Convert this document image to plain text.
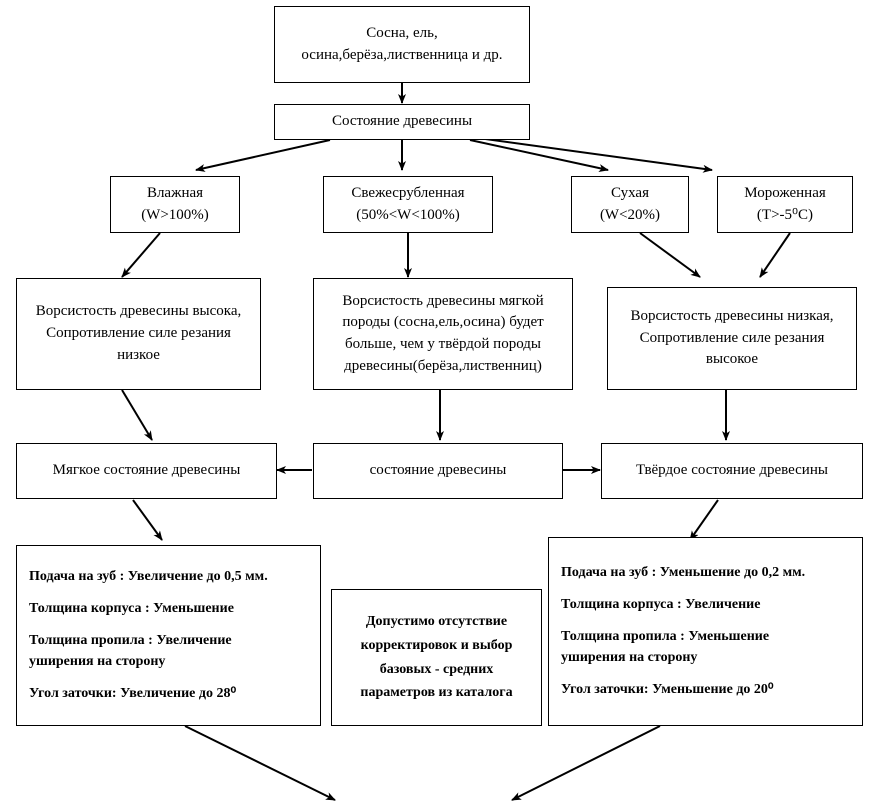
Сосна, ель,
осина,берёза,лиственница и др.
Состояние древесины
Влажная
(W>100%)
Свежесрубленная
(50%<W<100%)
Сухая
(W<20%)
Мороженная
(T>-5⁰C)
Ворсистость древесины высока,
Сопротивление силе резания
низкое
Ворсистость древесины мягкой
породы (сосна,ель,осина) будет
больше, чем у твёрдой породы
древесины(берёза,лиственниц)
Ворсистость древесины низкая,
Сопротивление силе резания
высокое
Мягкое состояние древесины	состояние древесины	Твёрдое состояние древесины
Подача на зуб : Увеличение до 0,5 мм.
Толщина корпуса : Уменьшение
Толщина пропила : Увеличение
уширения на сторону
Угол заточки: Увеличение до 28⁰
Допустимо отсутствие
корректировок и выбор
базовых - средних
параметров из каталога
Подача на зуб : Уменьшение до 0,2 мм.
Толщина корпуса : Увеличение
Толщина пропила : Уменьшение
уширения на сторону
Угол заточки: Уменьшение до 20⁰
